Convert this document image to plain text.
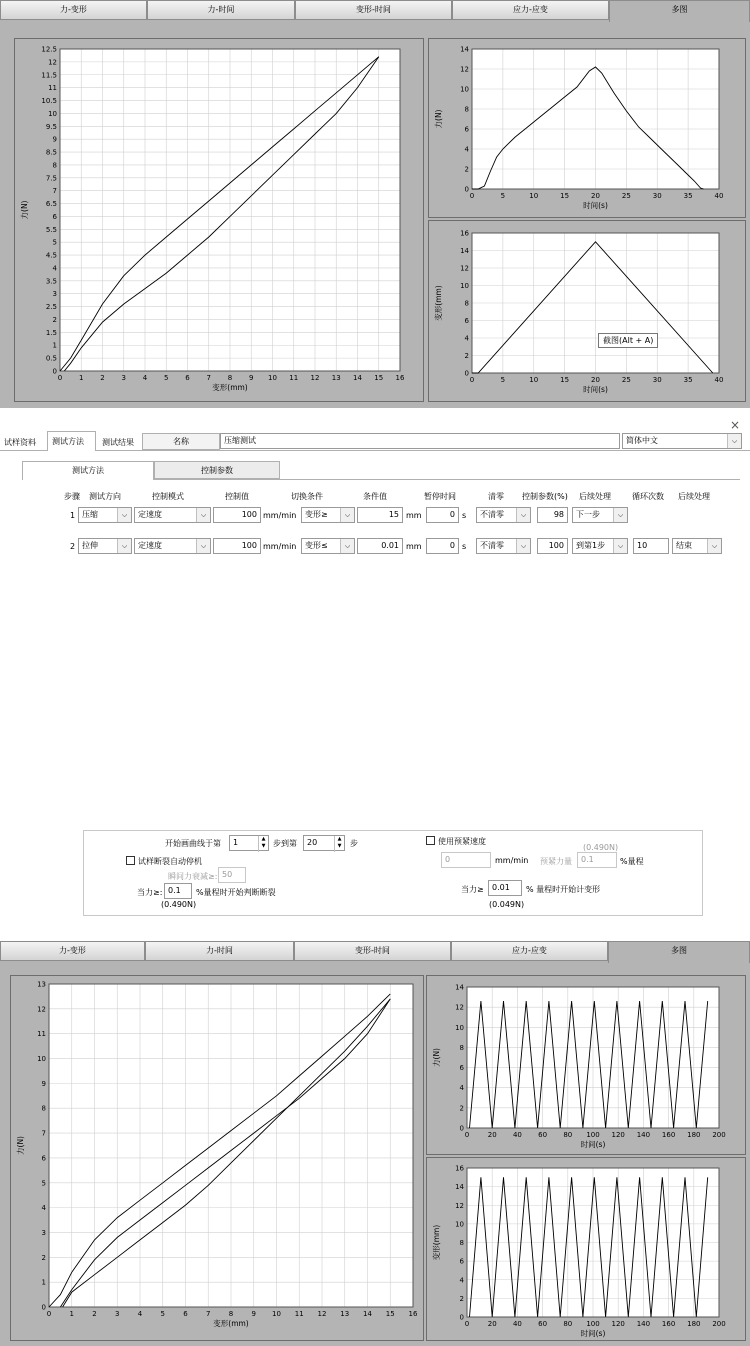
力-变形	力-时间	变形-时间	应力-应变	多图
0 1 2 3 4 5 6 7 8 9 10 11 12 13 14 15 16
0
0.5
1
1.5
2
2.5
3
3.5
4
4.5
5
5.5
6
6.5
7
7.5
8
8.5
9
9.5
10
10.5
11
11.5
12
12.5
变形(mm)
力(N)
0	5	10	15	20	25	30	35	40
0
2
4
6
8
10
12
14
时间(s)
力(N)
0	5	10	15	20	25	30	35	40
0
2
4
6
8
10
12
14
16
时间(s)
变形(mm)
截图(Alt + A)
×
试样资料 测试方法 测试结果	名称	压缩测试	简体中文	⌵
测试方法	控制参数
步骤 测试方向	控制模式	控制值	切换条件	条件值	暂停时间	清零 控制参数(%) 后续处理	循环次数 后续处理
1 压缩	⌵	定速度	⌵	100 mm/min	变形≥	⌵	15 mm	0 s	不清零	⌵	98	下一步	⌵
2 拉伸	⌵	定速度	⌵	100 mm/min	变形≤	⌵	0.01 mm	0 s	不清零	⌵	100	到第1步	⌵	10	结束	⌵
开始画曲线于第	1	▲
▼ 步到第	20	▲
▼	步	使用预紧速度
(0.490N)
0	mm/min 预紧力量	0.1	%量程
试样断裂自动停机
瞬间力衰减≥: 50
当力≥: 0.1	%量程时开始判断断裂
(0.490N)
当力≥	0.01	% 量程时开始计变形
(0.049N)
力-变形	力-时间	变形-时间	应力-应变	多图
0	1	2	3	4	5	6	7	8	9 10 11 12 13 14 15 16
0
1
2
3
4
5
6
7
8
9
10
11
12
13
变形(mm)
力(N)
0	20 40 60 80 100 120 140 160 180 200
0
2
4
6
8
10
12
14
时间(s)
力(N)
0	20 40 60 80 100 120 140 160 180 200
0
2
4
6
8
10
12
14
16
时间(s)
变形(mm)
